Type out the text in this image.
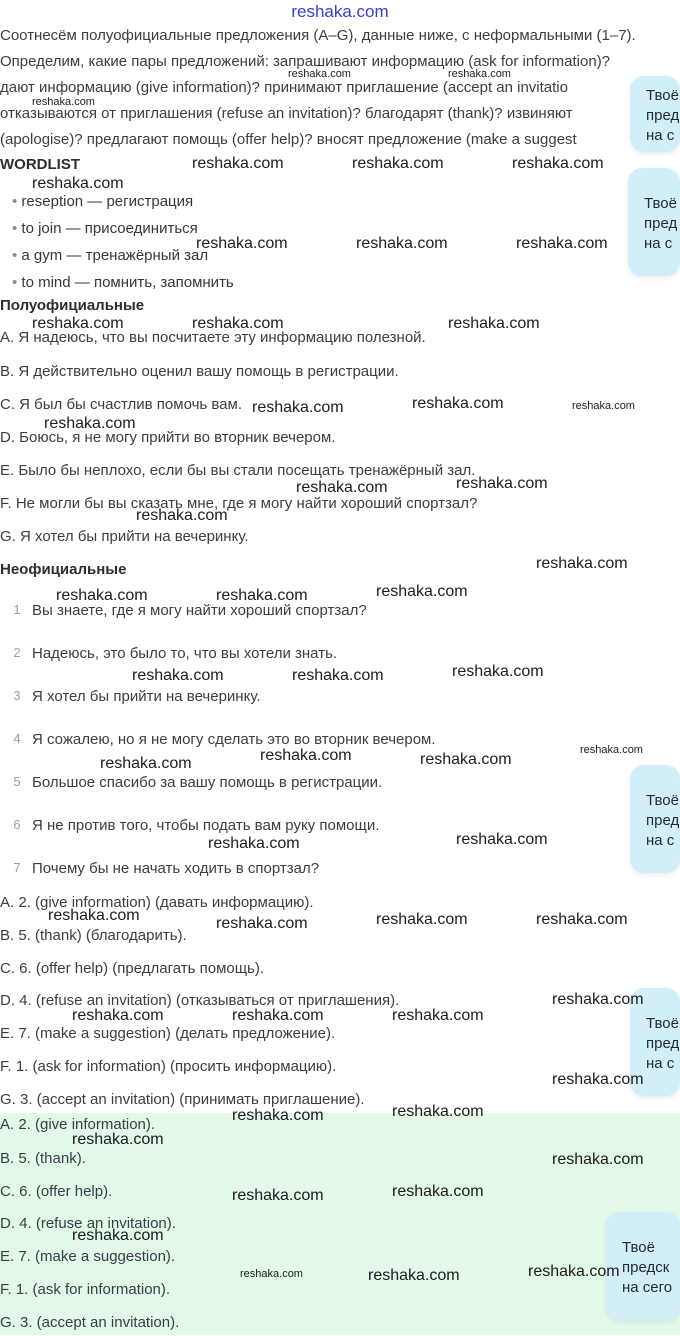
reshaka.com
Соотнесём полуофициальные предложения (A–G), данные ниже, с неформальными (1–7).
Определим, какие пары предложений: запрашивают информацию (ask for information)?
дают информацию (give information)? принимают приглашение (accept an invitatio
отказываются от приглашения (refuse an invitation)? благодарят (thank)? извиняют
(apologise)? предлагают помощь (offer help)? вносят предложение (make a suggest
WORDLIST
• reseption — регистрация
• to join — присоединиться
• a gym — тренажёрный зал
• to mind — помнить, запомнить
Полуофициальные
A. Я надеюсь, что вы посчитаете эту информацию полезной.
B. Я действительно оценил вашу помощь в регистрации.
C. Я был бы счастлив помочь вам.
D. Боюсь, я не могу прийти во вторник вечером.
E. Было бы неплохо, если бы вы стали посещать тренажёрный зал.
F. Не могли бы вы сказать мне, где я могу найти хороший спортзал?
G. Я хотел бы прийти на вечеринку.
Неофициальные
1 Вы знаете, где я могу найти хороший спортзал?
2 Надеюсь, это было то, что вы хотели знать.
3 Я хотел бы прийти на вечеринку.
4 Я сожалею, но я не могу сделать это во вторник вечером.
5 Большое спасибо за вашу помощь в регистрации.
6 Я не против того, чтобы подать вам руку помощи.
7 Почему бы не начать ходить в спортзал?
A. 2. (give information) (давать информацию).
B. 5. (thank) (благодарить).
C. 6. (offer help) (предлагать помощь).
D. 4. (refuse an invitation) (отказываться от приглашения).
E. 7. (make a suggestion) (делать предложение).
F. 1. (ask for information) (просить информацию).
G. 3. (accept an invitation) (принимать приглашение).
A. 2. (give information).
B. 5. (thank).
C. 6. (offer help).
D. 4. (refuse an invitation).
E. 7. (make a suggestion).
F. 1. (ask for information).
G. 3. (accept an invitation).
Твоё
пред
на с
Твоё
пред
на с
Твоё
пред
на с
Твоё
пред
на с
Твоё
предск
на сего
reshaka.com	reshaka.com
reshaka.com
reshaka.com	reshaka.com	reshaka.com
reshaka.com
reshaka.com	reshaka.com	reshaka.com
reshaka.com	reshaka.com	reshaka.com
reshaka.com	reshaka.com	reshaka.com
reshaka.com
reshaka.com	reshaka.com
reshaka.com
reshaka.com
reshaka.com	reshaka.com	reshaka.com
reshaka.com	reshaka.com	reshaka.com
reshaka.com
reshaka.com	reshaka.com	reshaka.com
reshaka.com	reshaka.com
reshaka.com	reshaka.com	reshaka.com	reshaka.com
reshaka.com
reshaka.com	reshaka.com	reshaka.com
reshaka.com
reshaka.com	reshaka.com
reshaka.com
reshaka.com
reshaka.com	reshaka.com
reshaka.com
reshaka.com	reshaka.com	reshaka.com
